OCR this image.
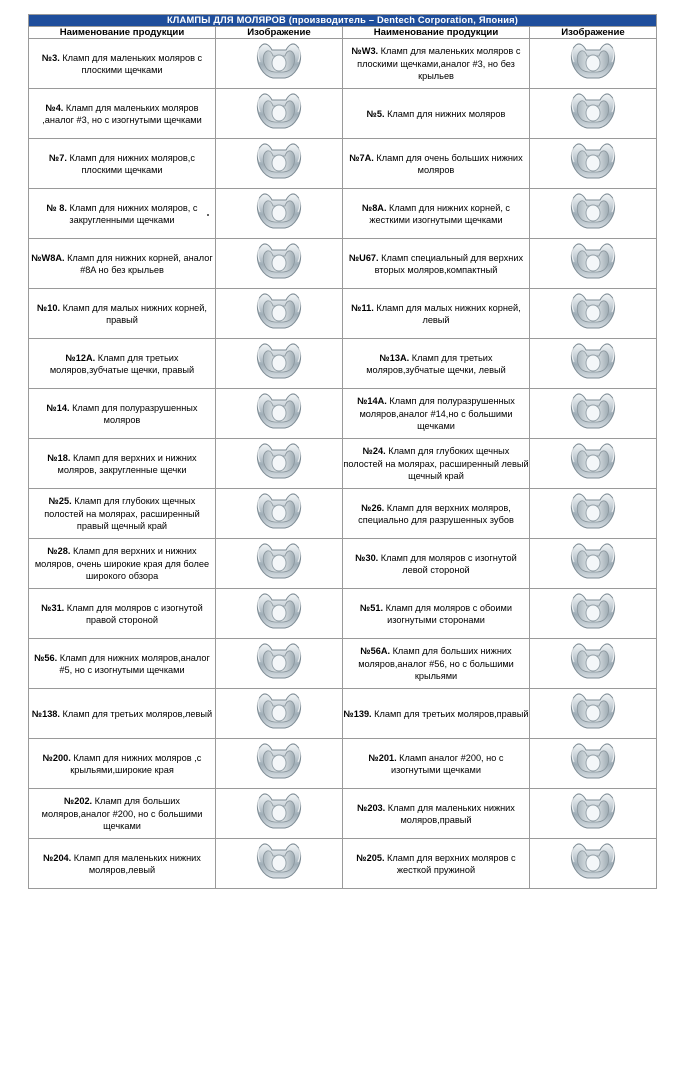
КЛАМПЫ ДЛЯ МОЛЯРОВ (производитель – Dentech Corporation, Япония)			
Наименование продукции	Изображение	Наименование продукции	Изображение
№3. Кламп для маленьких моляров с плоскими щечками		№W3. Кламп для маленьких моляров с плоскими щечками,аналог #3, но без крыльев	

№4. Кламп для маленьких моляров ,аналог #3, но с изогнутыми щечками		№5. Кламп для нижних моляров	

№7. Кламп для нижних моляров,с плоскими щечками		№7A. Кламп для очень больших нижних моляров	

№ 8. Кламп для нижних моляров, с закругленными щечками		№8A. Кламп для нижних корней, с жесткими изогнутыми щечками	

№W8A. Кламп для нижних корней, аналог #8A но без крыльев		№U67. Кламп специальный для верхних вторых моляров,компактный	

№10. Кламп для малых нижних корней, правый		№11. Кламп для малых нижних корней, левый	

№12A. Кламп для третьих моляров,зубчатые щечки, правый		№13A. Кламп для третьих моляров,зубчатые щечки, левый	

№14. Кламп для полуразрушенных моляров		№14A. Кламп для полуразрушенных моляров,аналог #14,но с большими щечками	

№18. Кламп для верхних и нижних моляров, закругленные щечки		№24. Кламп для глубоких щечных полостей на молярах, расширенный левый щечный край	

№25. Кламп для глубоких щечных полостей на молярах, расширенный правый щечный край		№26. Кламп для верхних моляров, специально для разрушенных зубов	

№28. Кламп для верхних и нижних моляров, очень широкие края для более широкого обзора		№30. Кламп для моляров с изогнутой левой стороной	

№31. Кламп для моляров с изогнутой правой стороной		№51. Кламп для моляров с обоими изогнутыми сторонами	

№56. Кламп для нижних моляров,аналог #5, но с изогнутыми щечками		№56A. Кламп для больших нижних моляров,аналог #56, но с большими крыльями	

№138. Кламп для третьих моляров,левый		№139. Кламп для третьих моляров,правый	

№200. Кламп для нижних моляров ,с крыльями,широкие края		№201. Кламп аналог #200, но с изогнутыми щечками	

№202. Кламп для больших моляров,аналог #200, но с большими щечками		№203. Кламп для маленьких нижних моляров,правый	

№204. Кламп для маленьких нижних моляров,левый		№205. Кламп для верхних моляров с жесткой пружиной	
